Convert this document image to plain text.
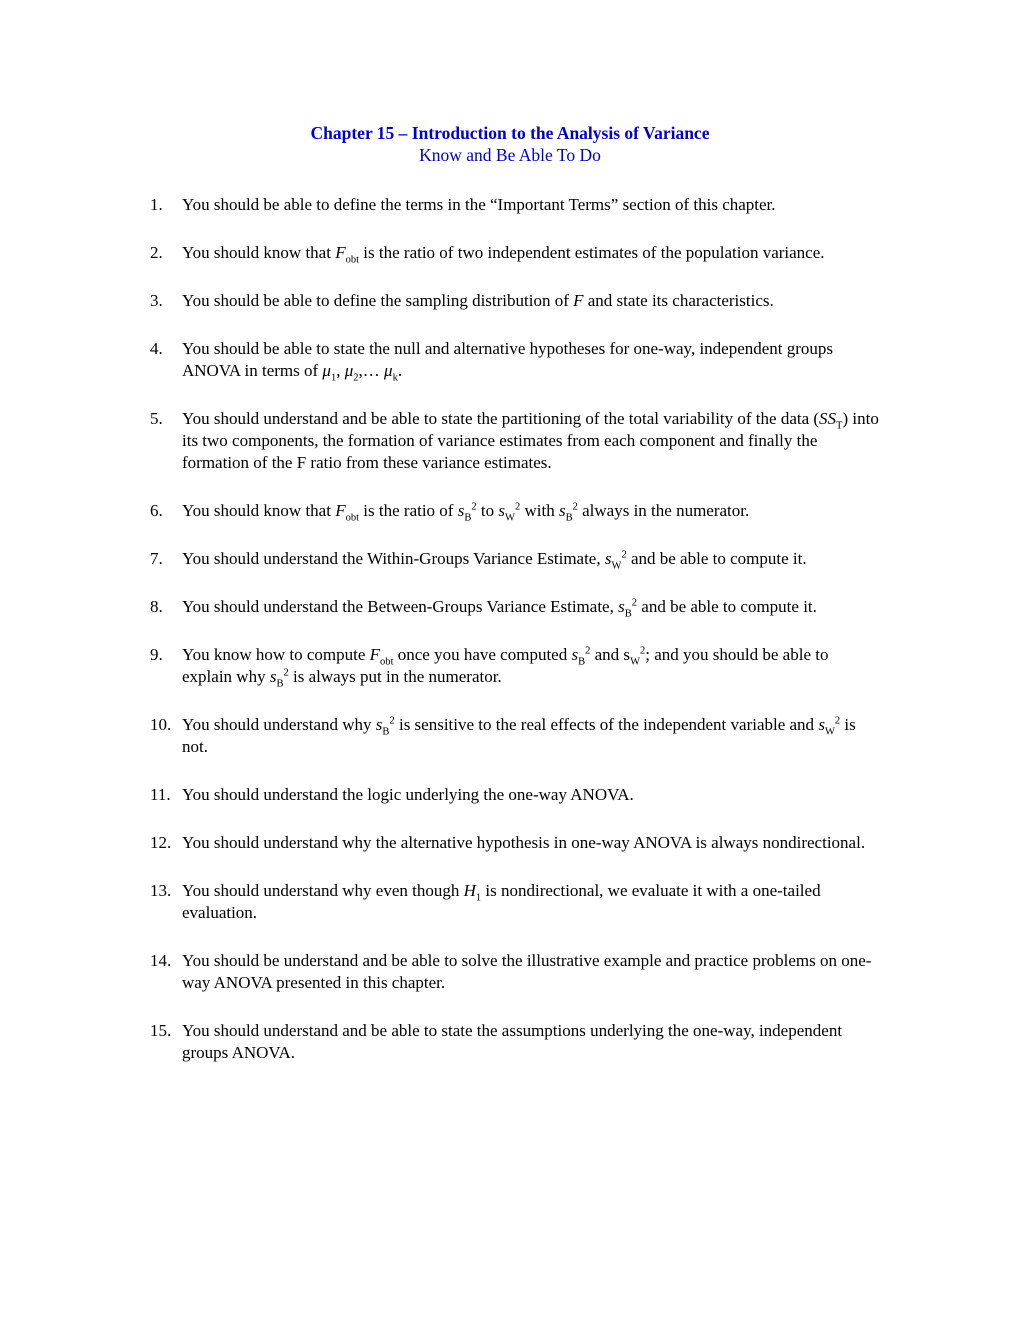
Chapter 15 – Introduction to the Analysis of Variance
Know and Be Able To Do
1.	You should be able to define the terms in the “Important Terms” section of this chapter.
2.	You should know that $F_{obt}$ is the ratio of two independent estimates of the population variance.
3.	You should be able to define the sampling distribution of F and state its characteristics.
4.	You should be able to state the null and alternative hypotheses for one-way, independent groups ANOVA in terms of $\mu_1$, $\mu_2,\dots$ $\mu_k$.
5.	You should understand and be able to state the partitioning of the total variability of the data $(SS_T)$ into its two components, the formation of variance estimates from each component and finally the formation of the F ratio from these variance estimates.
6.	You should know that $F_{obt}$ is the ratio of $s_B^2$ to $s_W^2$ with $s_B^2$ always in the numerator.
7.	You should understand the Within-Groups Variance Estimate, $s_W^2$ and be able to compute it.
8.	You should understand the Between-Groups Variance Estimate, $s_B^2$ and be able to compute it.
9.	You know how to compute $F_{obt}$ once you have computed $s_B^2$ and $s_W^2$; and you should be able to explain why $s_B^2$ is always put in the numerator.
10. You should understand why $s_B^2$ is sensitive to the real effects of the independent variable and $s_W^2$ is not.
11. You should understand the logic underlying the one-way ANOVA.
12. You should understand why the alternative hypothesis in one-way ANOVA is always nondirectional.
13. You should understand why even though $H_1$ is nondirectional, we evaluate it with a one-tailed evaluation.
14. You should be understand and be able to solve the illustrative example and practice problems on one-way ANOVA presented in this chapter.
15. You should understand and be able to state the assumptions underlying the one-way, independent groups ANOVA.
